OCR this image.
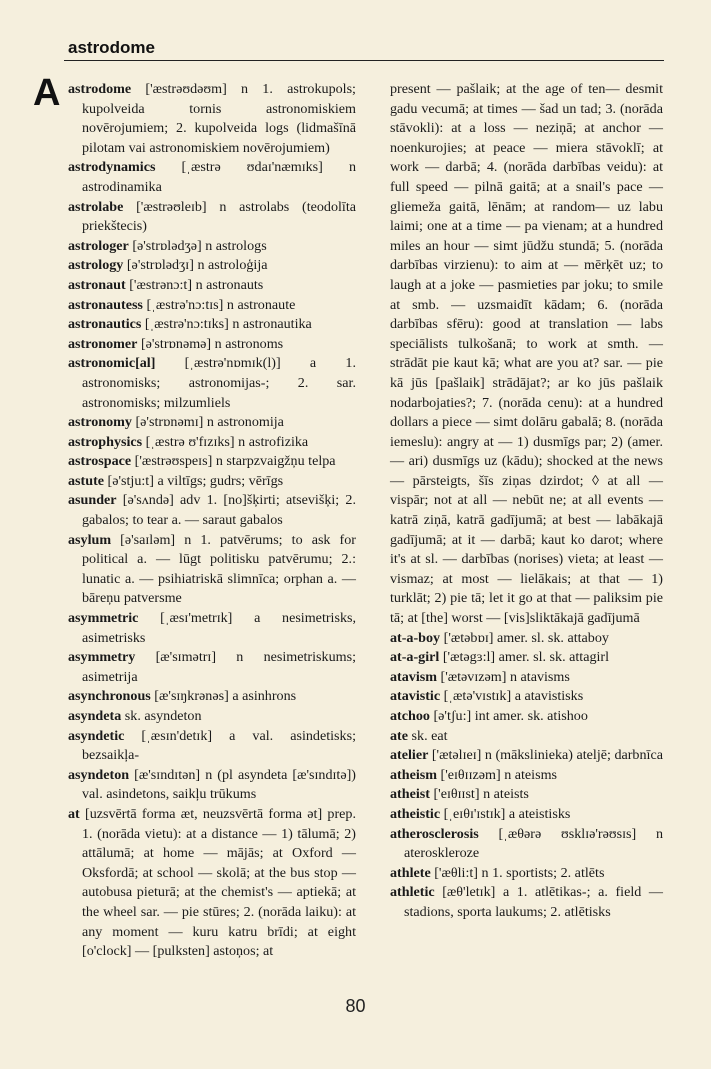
astrodome
A astrodome ['æstrəʊdəʊm] n 1. astrokupols; kupolveida tornis astronomiskiem novērojumiem; 2. kupolveida logs (lidmašīnā pilotam vai astronomiskiem novērojumiem)

astrodynamics [ˌæstrə ʊdaɪ'næmɪks] n astrodinamika

astrolabe ['æstrəʊleɪb] n astrolabs (teodolīta priekštecis)

astrologer [ə'strɒlədʒə] n astrologs

astrology [ə'strɒlədʒɪ] n astroloģija

astronaut ['æstrənɔ:t] n astronauts

astronautess [ˌæstrə'nɔ:tɪs] n astronaute

astronautics [ˌæstrə'nɔ:tɪks] n astronautika

astronomer [ə'strɒnəmə] n astronoms

astronomic[al] [ˌæstrə'nɒmɪk(l)] a 1. astronomisks; astronomijas-; 2. sar. astronomisks; milzumliels

astronomy [ə'strɒnəmɪ] n astronomija

astrophysics [ˌæstrə ʊ'fɪzɪks] n astrofizika

astrospace ['æstrəʊspeɪs] n starpzvaigžņu telpa

astute [ə'stju:t] a viltīgs; gudrs; vērīgs

asunder [ə'sʌndə] adv 1. [no]šķirti; atsevišķi; 2. gabalos; to tear a. — saraut gabalos

asylum [ə'saɪləm] n 1. patvērums; to ask for political a. — lūgt politisku patvērumu; 2.: lunatic a. — psihiatriskā slimnīca; orphan a. — bāreņu patversme

asymmetric [ˌæsɪ'metrɪk] a nesimetrisks, asimetrisks

asymmetry [æ'sɪmətrɪ] n nesimetriskums; asimetrija

asynchronous [æ'sɪŋkrənəs] a asinhrons

asyndeta sk. asyndeton

asyndetic [ˌæsɪn'detɪk] a val. asindetisks; bezsaikļa-

asyndeton [æ'sɪndɪtən] n (pl asyndeta [æ'sɪndɪtə]) val. asindetons, saikļu trūkums

at [uzsvērtā forma æt, neuzsvērtā forma ət] prep. 1. (norāda vietu): at a distance — 1) tālumā; 2) attālumā; at home — mājās; at Oxford — Oksfordā; at school — skolā; at the bus stop — autobusa pieturā; at the chemist's — aptiekā; at the wheel sar. — pie stūres; 2. (norāda laiku): at any moment — kuru katru brīdi; at eight [o'clock] — [pulksten] astoņos; at

present — pašlaik; at the age of ten— desmit gadu vecumā; at times — šad un tad; 3. (norāda stāvokli): at a loss — neziņā; at anchor — noenkurojies; at peace — miera stāvoklī; at work — darbā; 4. (norāda darbības veidu): at full speed — pilnā gaitā; at a snail's pace — gliemeža gaitā, lēnām; at random— uz labu laimi; one at a time — pa vienam; at a hundred miles an hour — simt jūdžu stundā; 5. (norāda darbības virzienu): to aim at — mērķēt uz; to laugh at a joke — pasmieties par joku; to smile at smb. — uzsmaidīt kādam; 6. (norāda darbības sfēru): good at translation — labs speciālists tulkošanā; to work at smth. — strādāt pie kaut kā; what are you at? sar. — pie kā jūs [pašlaik] strādājat?; ar ko jūs pašlaik nodarbojaties?; 7. (norāda cenu): at a hundred dollars a piece — simt dolāru gabalā; 8. (norāda iemeslu): angry at — 1) dusmīgs par; 2) (amer. — ari) dusmīgs uz (kādu); shocked at the news — pārsteigts, šīs ziņas dzirdot; ◊ at all — vispār; not at all — nebūt ne; at all events — katrā ziņā, katrā gadījumā; at best — labākajā gadījumā; at it — darbā; kaut ko darot; where it's at sl. — darbības (norises) vieta; at least — vismaz; at most — lielākais; at that — 1) turklāt; 2) pie tā; let it go at that — paliksim pie tā; at [the] worst — [vis]sliktākajā gadījumā

at-a-boy ['ætəbɒɪ] amer. sl. sk. attaboy

at-a-girl ['ætəgɜ:l] amer. sl. sk. attagirl

atavism ['ætəvɪzəm] n atavisms

atavistic [ˌætə'vɪstɪk] a atavistisks

atchoo [ə'tʃu:] int amer. sk. atishoo

ate sk. eat

atelier ['ætəlɪeɪ] n (mākslinieka) ateljē; darbnīca

atheism ['eɪθɪɪzəm] n ateisms

atheist ['eɪθɪɪst] n ateists

atheistic [ˌeɪθɪ'ɪstɪk] a ateistisks

atherosclerosis [ˌæθərə ʊsklɪə'rəʊsɪs] n ateroskleroze

athlete ['æθli:t] n 1. sportists; 2. atlēts

athletic [æθ'letɪk] a 1. atlētikas-; a. field — stadions, sporta laukums; 2. atlētisks

80
